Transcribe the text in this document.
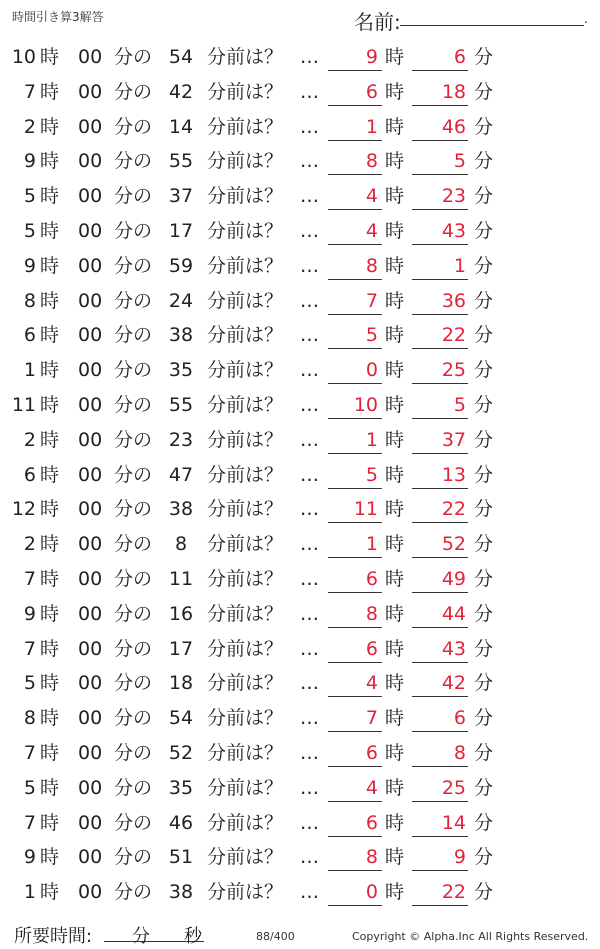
時間引き算3解答	名前:	.
10 時 00 分の 54 分前は？ …	9 時	6 分
7 時 00 分の 42 分前は？ …	6 時	18 分
2 時 00 分の 14 分前は？ …	1 時	46 分
9 時 00 分の 55 分前は？ …	8 時	5 分
5 時 00 分の 37 分前は？ …	4 時	23 分
5 時 00 分の 17 分前は？ …	4 時	43 分
9 時 00 分の 59 分前は？ …	8 時	1 分
8 時 00 分の 24 分前は？ …	7 時	36 分
6 時 00 分の 38 分前は？ …	5 時	22 分
1 時 00 分の 35 分前は？ …	0 時	25 分
11 時 00 分の 55 分前は？ …	10 時	5 分
2 時 00 分の 23 分前は？ …	1 時	37 分
6 時 00 分の 47 分前は？ …	5 時	13 分
12 時 00 分の 38 分前は？ …	11 時	22 分
2 時 00 分の	8	分前は？ …	1 時	52 分
7 時 00 分の 11 分前は？ …	6 時	49 分
9 時 00 分の 16 分前は？ …	8 時	44 分
7 時 00 分の 17 分前は？ …	6 時	43 分
5 時 00 分の 18 分前は？ …	4 時	42 分
8 時 00 分の 54 分前は？ …	7 時	6 分
7 時 00 分の 52 分前は？ …	6 時	8 分
5 時 00 分の 35 分前は？ …	4 時	25 分
7 時 00 分の 46 分前は？ …	6 時	14 分
9 時 00 分の 51 分前は？ …	8 時	9 分
1 時 00 分の 38 分前は？ …	0 時	22 分
所要時間: 分 秒	88/400	Copyright © Alpha.Inc All Rights Reserved.
